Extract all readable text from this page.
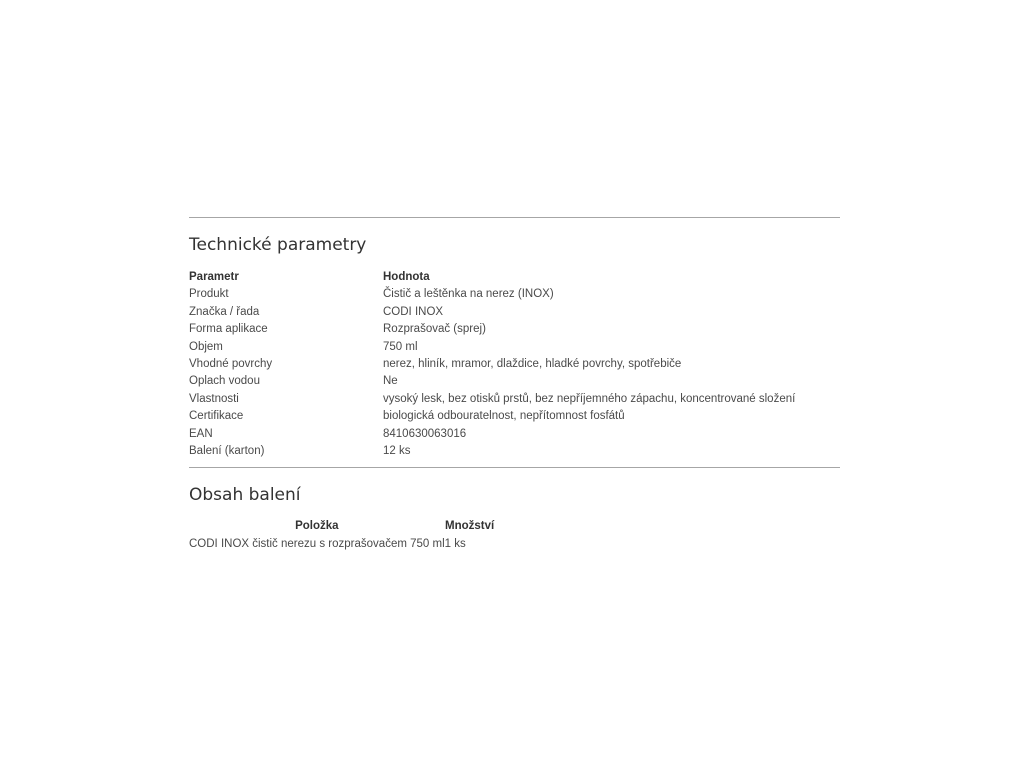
Technické parametry
Parametr	Hodnota
Produkt	Čistič a leštěnka na nerez (INOX)
Značka / řada	CODI INOX
Forma aplikace	Rozprašovač (sprej)
Objem	750 ml
Vhodné povrchy	nerez, hliník, mramor, dlaždice, hladké povrchy, spotřebiče
Oplach vodou	Ne
Vlastnosti	vysoký lesk, bez otisků prstů, bez nepříjemného zápachu, koncentrované složení
Certifikace	biologická odbouratelnost, nepřítomnost fosfátů
EAN	8410630063016
Balení (karton)	12 ks
Obsah balení
Položka	Množství
CODI INOX čistič nerezu s rozprašovačem 750 ml	1 ks
